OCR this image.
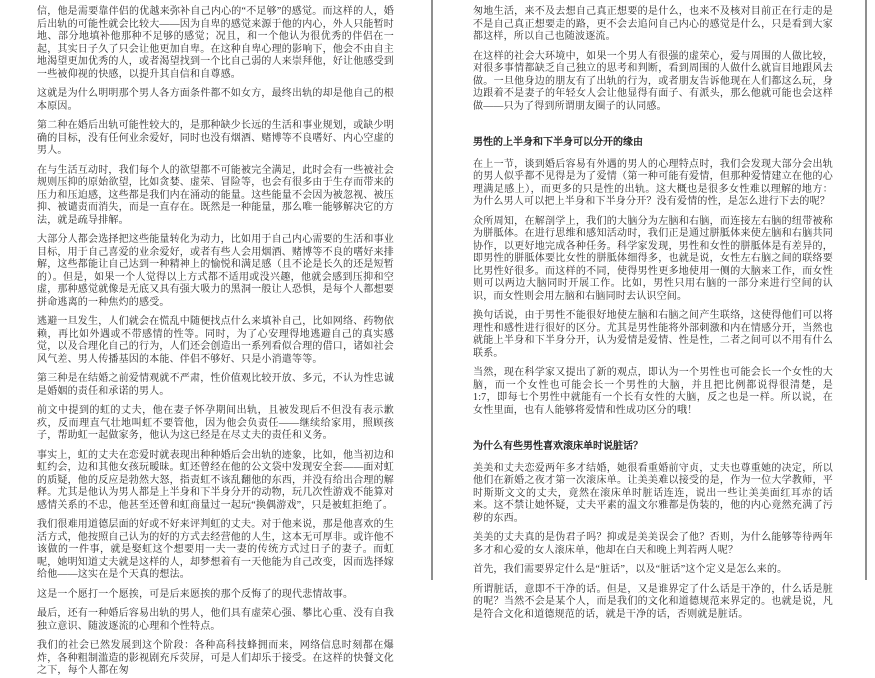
信，他是需要靠伴侣的优越来弥补自己内心的“不足够”的感觉。而这样的人，婚后出轨的可能性就会比较大——因为自卑的感觉来源于他的内心，外人只能暂时地、部分地填补他那种不足够的感觉；况且，和一个他认为很优秀的伴侣在一起，其实日子久了只会让他更加自卑。在这种自卑心理的影响下，他会不由自主地渴望更加优秀的人，或者渴望找到一个比自己弱的人来崇拜他，好让他感受到一些被仰视的快感，以提升其自信和自尊感。

这就是为什么明明那个男人各方面条件都不如女方，最终出轨的却是他自己的根本原因。

第二种在婚后出轨可能性较大的，是那种缺少长远的生活和事业规划，或缺少明确的目标，没有任何业余爱好，同时也没有烟酒、赌博等不良嗜好、内心空虚的男人。

在与生活互动时，我们每个人的欲望都不可能被完全满足，此时会有一些被社会规则压抑的原始欲望，比如贪婪、虚荣、冒险等，也会有很多由于生存而带来的压力和压迫感，这些都是我们内在涌动的能量。这些能量不会因为被忽视、被压抑、被谴责而消失，而是一直存在。既然是一种能量，那么唯一能够解决它的方法，就是疏导排解。

大部分人都会选择把这些能量转化为动力，比如用于自己内心需要的生活和事业目标，用于自己喜爱的业余爱好，或者有些人会用烟酒、赌博等不良的嗜好来排解，这些都能让自己达到一种精神上的愉悦和满足感（且不论是长久的还是短暂的）。但是，如果一个人觉得以上方式都不适用或没兴趣，他就会感到压抑和空虚，那种感觉就像是无底又具有强大吸力的黑洞一般让人恐惧，是每个人都想要拼命逃离的一种焦灼的感受。

逃避一旦发生，人们就会在慌乱中随便找点什么来填补自己，比如网络、药物依赖，再比如外遇或不带感情的性等。同时，为了心安理得地逃避自己的真实感觉，以及合理化自己的行为，人们还会创造出一系列看似合理的借口，诸如社会风气差、男人传播基因的本能、伴侣不够好、只是小消遣等等。

第三种是在结婚之前爱情观就不严肃，性价值观比较开放、多元，不认为性忠诚是婚姻的责任和承诺的男人。

前文中提到的虹的丈夫，他在妻子怀孕期间出轨，且被发现后不但没有表示歉疚，反而理直气壮地叫虹不要管他，因为他会负责任——继续给家用，照顾孩子，帮助虹一起做家务，他认为这已经是在尽丈夫的责任和义务。

事实上，虹的丈夫在恋爱时就表现出种种婚后会出轨的迹象，比如，他当初边和虹约会，边和其他女孩玩暧昧。虹还曾经在他的公文袋中发现安全套——面对虹的质疑，他的反应是勃然大怒，指责虹不该乱翻他的东西，并没有给出合理的解释。尤其是他认为男人都是上半身和下半身分开的动物，玩几次性游戏不能算对感情关系的不忠，他甚至还曾和虹商量过一起玩“换偶游戏”，只是被虹拒绝了。

我们很难用道德层面的好或不好来评判虹的丈夫。对于他来说，那是他喜欢的生活方式，他按照自己认为的好的方式去经营他的人生，这本无可厚非。或许他不该做的一件事，就是娶虹这个想要用一夫一妻的传统方式过日子的妻子。而虹呢，她明知道丈夫就是这样的人，却梦想着有一天他能为自己改变，因而选择嫁给他——这实在是个天真的想法。

这是一个愿打一个愿挨，可是后来愿挨的那个反悔了的现代悲情故事。

最后，还有一种婚后容易出轨的男人，他们具有虚荣心强、攀比心重、没有自我独立意识、随波逐流的心理和个性特点。

我们的社会已然发展到这个阶段：各种高科技蜂拥而来，网络信息时刻都在爆炸，各种粗制滥造的影视剧充斥荧屏，可是人们却乐于接受。在这样的快餐文化之下，每个人都在匆

匆地生活，来不及去想自己真正想要的是什么，也来不及核对目前正在行走的是不是自己真正想要走的路，更不会去追问自己内心的感觉是什么，只是看到大家都这样，所以自己也随波逐流。

在这样的社会大环境中，如果一个男人有很强的虚荣心，爱与周围的人做比较，对很多事情都缺乏自己独立的思考和判断，看到周围的人做什么就盲目地跟风去做。一旦他身边的朋友有了出轨的行为，或者朋友告诉他现在人们都这么玩，身边跟着不是妻子的年轻女人会让他显得有面子、有派头，那么他就可能也会这样做——只为了得到所谓朋友圈子的认同感。

男性的上半身和下半身可以分开的缘由

在上一节，谈到婚后容易有外遇的男人的心理特点时，我们会发现大部分会出轨的男人似乎都不见得是为了爱情（第一种可能有爱情，但那种爱情建立在他的心理满足感上），而更多的只是性的出轨。这大概也是很多女性难以理解的地方：为什么男人可以把上半身和下半身分开？没有爱情的性，是怎么进行下去的呢？

众所周知，在解剖学上，我们的大脑分为左脑和右脑，而连接左右脑的纽带被称为胼胝体。在进行思维和感知活动时，我们正是通过胼胝体来使左脑和右脑共同协作，以更好地完成各种任务。科学家发现，男性和女性的胼胝体是有差异的，即男性的胼胝体要比女性的胼胝体细得多，也就是说，女性左右脑之间的联络要比男性好很多。而这样的不同，使得男性更多地使用一侧的大脑来工作，而女性则可以两边大脑同时开展工作。比如，男性只用右脑的一部分来进行空间的认识，而女性则会用左脑和右脑同时去认识空间。

换句话说，由于男性不能很好地使左脑和右脑之间产生联络，这使得他们可以将理性和感性进行很好的区分。尤其是男性能将外部刺激和内在情感分开，当然也就能上半身和下半身分开，认为爱情是爱情、性是性，二者之间可以不用有什么联系。

当然，现在科学家又提出了新的观点，即认为一个男性也可能会长一个女性的大脑，而一个女性也可能会长一个男性的大脑，并且把比例都说得很清楚，是1:7，即每七个男性中就能有一个长有女性的大脑，反之也是一样。所以说，在女性里面，也有人能够将爱情和性成功区分的哦！

为什么有些男性喜欢滚床单时说脏话？

美美和丈夫恋爱两年多才结婚，她很看重婚前守贞，丈夫也尊重她的决定，所以他们在新婚之夜才第一次滚床单。让美美难以接受的是，作为一位大学教师，平时斯斯文文的丈夫，竟然在滚床单时脏话连连，说出一些让美美面红耳赤的话来。这不禁让她怀疑，丈夫平素的温文尔雅都是伪装的，他的内心竟然充满了污秽的东西。

美美的丈夫真的是伪君子吗？抑或是美美误会了他？否则，为什么能够等待两年多才和心爱的女人滚床单，他却在白天和晚上判若两人呢？

首先，我们需要界定什么是“脏话”，以及“脏话”这个定义是怎么来的。

所谓脏话，意即不干净的话。但是，又是谁界定了什么话是干净的，什么话是脏的呢？当然不会是某个人，而是我们的文化和道德规范来界定的。也就是说，凡是符合文化和道德规范的话，就是干净的话，否则就是脏话。
